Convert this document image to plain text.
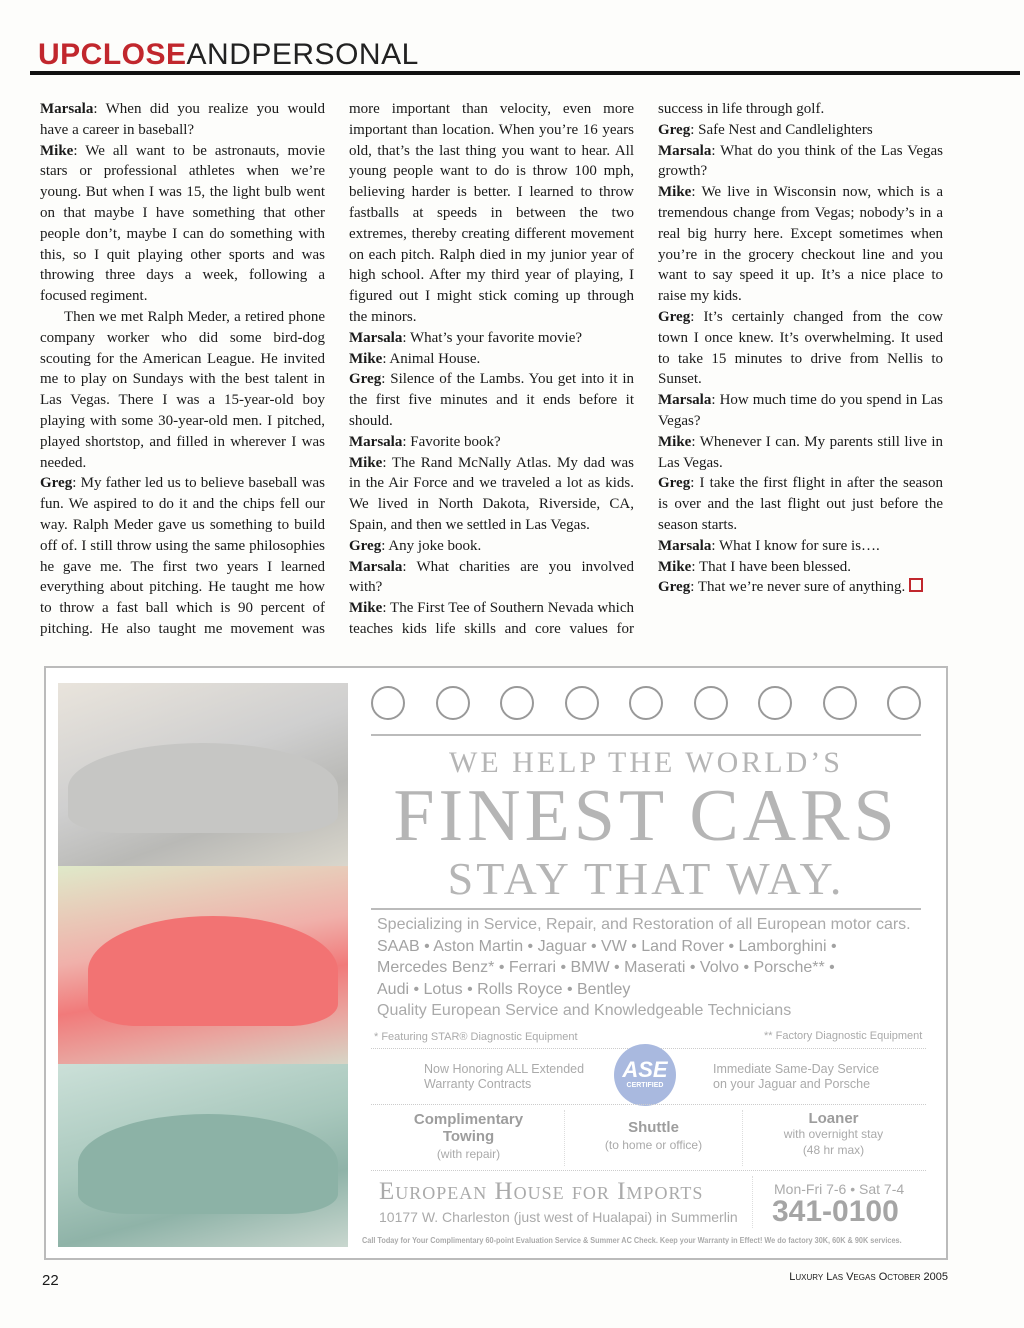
UPCLOSEANDPERSONAL

Marsala: When did you realize you would have a career in baseball?

Mike: We all want to be astronauts, movie stars or professional athletes when we’re young. But when I was 15, the light bulb went on that maybe I have something that other people don’t, maybe I can do something with this, so I quit playing other sports and was throwing three days a week, following a focused regiment.

Then we met Ralph Meder, a retired phone company worker who did some bird-dog scouting for the American League. He invited me to play on Sundays with the best talent in Las Vegas. There I was a 15-year-old boy playing with some 30-year-old men. I pitched, played shortstop, and filled in wherever I was needed.

Greg: My father led us to believe baseball was fun. We aspired to do it and the chips fell our way. Ralph Meder gave us something to build off of. I still throw using the same philosophies he gave me. The first two years I learned everything about pitching. He taught me how to throw a fast ball which is 90 percent of pitching. He also taught me movement was more important than velocity, even more important than location. When you’re 16 years old, that’s the last thing you want to hear. All young people want to do is throw 100 mph, believing harder is better. I learned to throw fastballs at speeds in between the two extremes, thereby creating different movement on each pitch. Ralph died in my junior year of high school. After my third year of playing, I figured out I might stick coming up through the minors.

Marsala: What’s your favorite movie?

Mike: Animal House.

Greg: Silence of the Lambs. You get into it in the first five minutes and it ends before it should.

Marsala: Favorite book?

Mike: The Rand McNally Atlas. My dad was in the Air Force and we traveled a lot as kids. We lived in North Dakota, Riverside, CA, Spain, and then we settled in Las Vegas.

Greg: Any joke book.

Marsala: What charities are you involved with?

Mike: The First Tee of Southern Nevada which teaches kids life skills and core values for success in life through golf.

Greg: Safe Nest and Candlelighters

Marsala: What do you think of the Las Vegas growth?

Mike: We live in Wisconsin now, which is a tremendous change from Vegas; nobody’s in a real big hurry here. Except sometimes when you’re in the grocery checkout line and you want to say speed it up. It’s a nice place to raise my kids.

Greg: It’s certainly changed from the cow town I once knew. It’s overwhelming. It used to take 15 minutes to drive from Nellis to Sunset.

Marsala: How much time do you spend in Las Vegas?

Mike: Whenever I can. My parents still live in Las Vegas.

Greg: I take the first flight in after the season is over and the last flight out just before the season starts.

Marsala: What I know for sure is….

Mike: That I have been blessed.

Greg: That we’re never sure of anything.

WE HELP THE WORLD’S
FINEST CARS
STAY THAT WAY.
Specializing in Service, Repair, and Restoration of all European motor cars.
SAAB • Aston Martin • Jaguar • VW • Land Rover • Lamborghini •
Mercedes Benz* • Ferrari • BMW • Maserati • Volvo • Porsche** •
Audi • Lotus • Rolls Royce • Bentley
Quality European Service and Knowledgeable Technicians
* Featuring STAR® Diagnostic Equipment	** Factory Diagnostic Equipment
Now Honoring ALL Extended
Warranty Contracts
ASE
CERTIFIED
Immediate Same-Day Service
on your Jaguar and Porsche
Complimentary
Towing
(with repair)
Shuttle
(to home or office)
Loaner
with overnight stay
(48 hr max)
European House for Imports
10177 W. Charleston (just west of Hualapai) in Summerlin
Mon-Fri 7-6 • Sat 7-4
341-0100
Call Today for Your Complimentary 60-point Evaluation Service & Summer AC Check. Keep your Warranty in Effect! We do factory 30K, 60K & 90K services.
22	Luxury Las Vegas October 2005
